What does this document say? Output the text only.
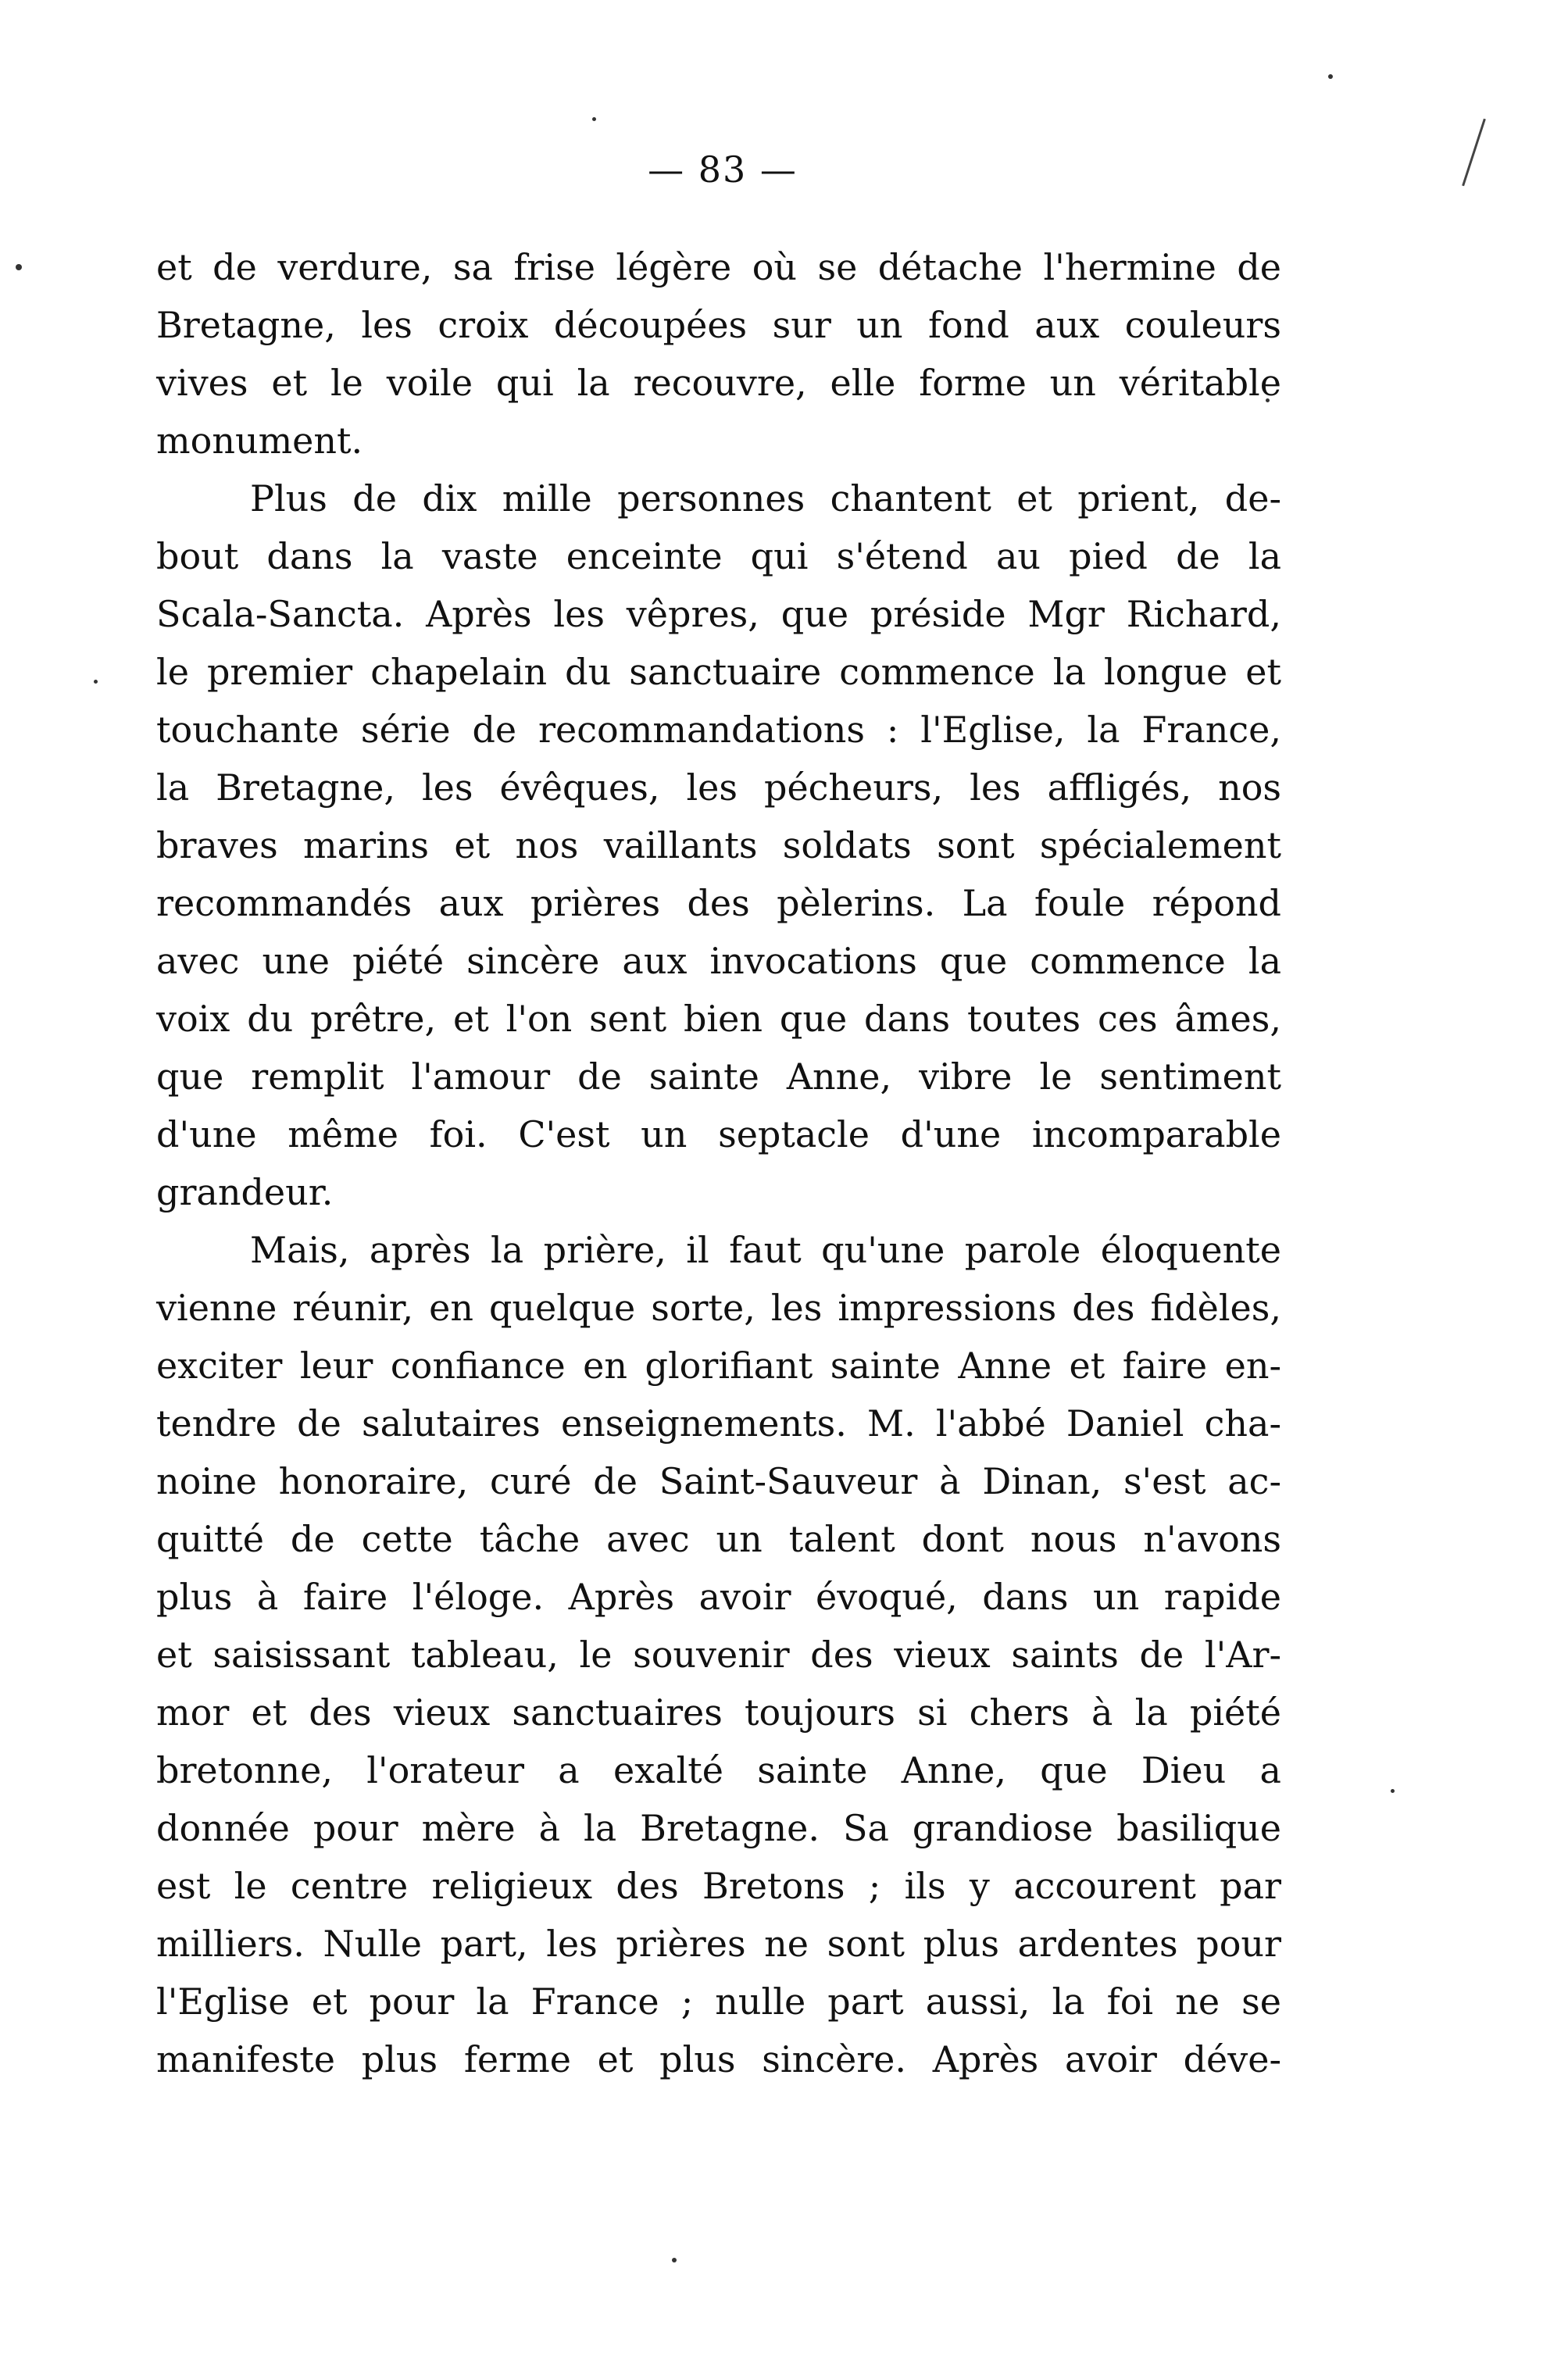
— 83 —
et de verdure, sa frise légère où se détache l'hermine de
Bretagne, les croix découpées sur un fond aux couleurs
vives et le voile qui la recouvre, elle forme un véritable
monument.
Plus de dix mille personnes chantent et prient, de-
bout dans la vaste enceinte qui s'étend au pied de la
Scala-Sancta. Après les vêpres, que préside Mgr Richard,
le premier chapelain du sanctuaire commence la longue et
touchante série de recommandations : l'Eglise, la France,
la Bretagne, les évêques, les pécheurs, les affligés, nos
braves marins et nos vaillants soldats sont spécialement
recommandés aux prières des pèlerins. La foule répond
avec une piété sincère aux invocations que commence la
voix du prêtre, et l'on sent bien que dans toutes ces âmes,
que remplit l'amour de sainte Anne, vibre le sentiment
d'une même foi. C'est un septacle d'une incomparable
grandeur.
Mais, après la prière, il faut qu'une parole éloquente
vienne réunir, en quelque sorte, les impressions des fidèles,
exciter leur confiance en glorifiant sainte Anne et faire en-
tendre de salutaires enseignements. M. l'abbé Daniel cha-
noine honoraire, curé de Saint-Sauveur à Dinan, s'est ac-
quitté de cette tâche avec un talent dont nous n'avons
plus à faire l'éloge. Après avoir évoqué, dans un rapide
et saisissant tableau, le souvenir des vieux saints de l'Ar-
mor et des vieux sanctuaires toujours si chers à la piété
bretonne, l'orateur a exalté sainte Anne, que Dieu a
donnée pour mère à la Bretagne. Sa grandiose basilique
est le centre religieux des Bretons ; ils y accourent par
milliers. Nulle part, les prières ne sont plus ardentes pour
l'Eglise et pour la France ; nulle part aussi, la foi ne se
manifeste plus ferme et plus sincère. Après avoir déve-
